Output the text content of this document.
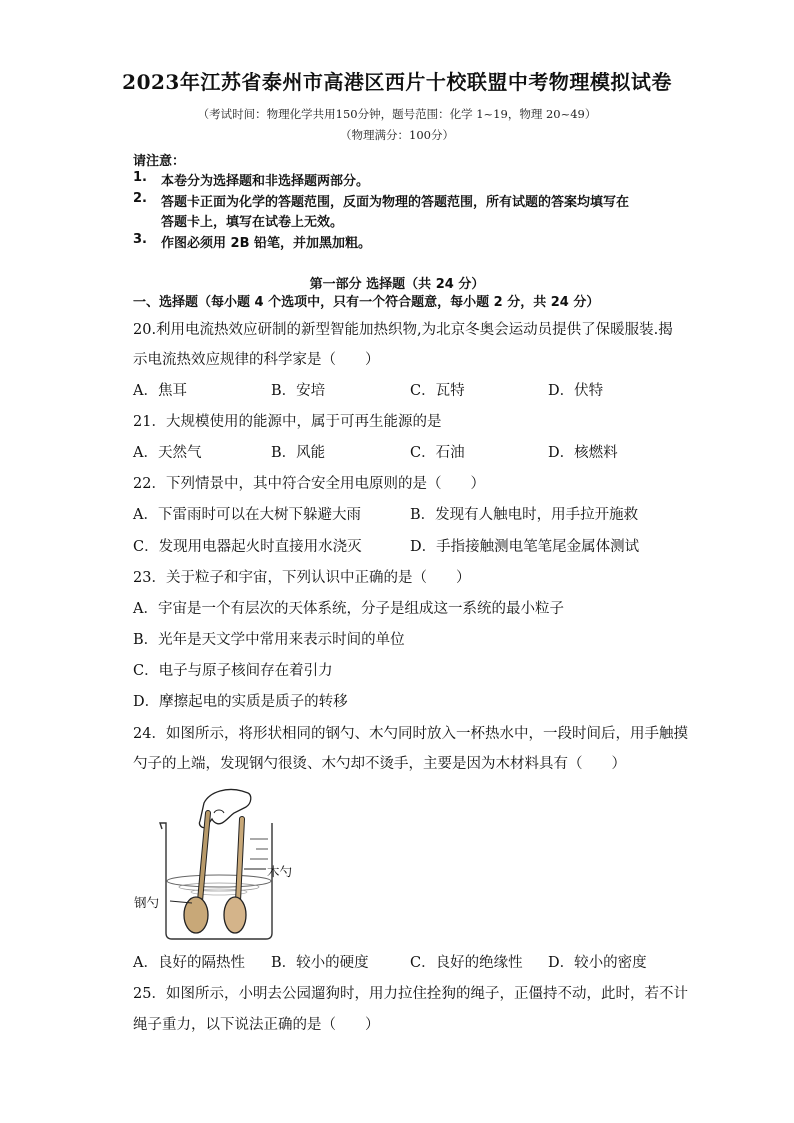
2023年江苏省泰州市高港区西片十校联盟中考物理模拟试卷
（考试时间：物理化学共用150分钟，题号范围：化学 1~19，物理 20~49）
（物理满分：100分）
请注意：
1. 本卷分为选择题和非选择题两部分。
2. 答题卡正面为化学的答题范围，反面为物理的答题范围，所有试题的答案均填写在
答题卡上，填写在试卷上无效。
3. 作图必须用 2B 铅笔，并加黑加粗。
第一部分 选择题（共 24 分）
一、选择题（每小题 4 个选项中，只有一个符合题意，每小题 2 分，共 24 分）
20.利用电流热效应研制的新型智能加热织物,为北京冬奥会运动员提供了保暖服装.揭
示电流热效应规律的科学家是（　　）
A．焦耳	B．安培	C．瓦特	D．伏特
21．大规模使用的能源中，属于可再生能源的是
A．天然气	B．风能	C．石油	D．核燃料
22．下列情景中，其中符合安全用电原则的是（　　）
A．下雷雨时可以在大树下躲避大雨	B．发现有人触电时，用手拉开施救
C．发现用电器起火时直接用水浇灭	D．手指接触测电笔笔尾金属体测试
23．关于粒子和宇宙，下列认识中正确的是（　　）
A．宇宙是一个有层次的天体系统，分子是组成这一系统的最小粒子
B．光年是天文学中常用来表示时间的单位
C．电子与原子核间存在着引力
D．摩擦起电的实质是质子的转移
24．如图所示，将形状相同的钢勺、木勺同时放入一杯热水中，一段时间后，用手触摸
勺子的上端，发现钢勺很烫、木勺却不烫手，主要是因为木材料具有（　　）
木勺
钢勺
A．良好的隔热性 B．较小的硬度	C．良好的绝缘性 D．较小的密度
25．如图所示，小明去公园遛狗时，用力拉住拴狗的绳子，正僵持不动，此时，若不计
绳子重力，以下说法正确的是（　　）
